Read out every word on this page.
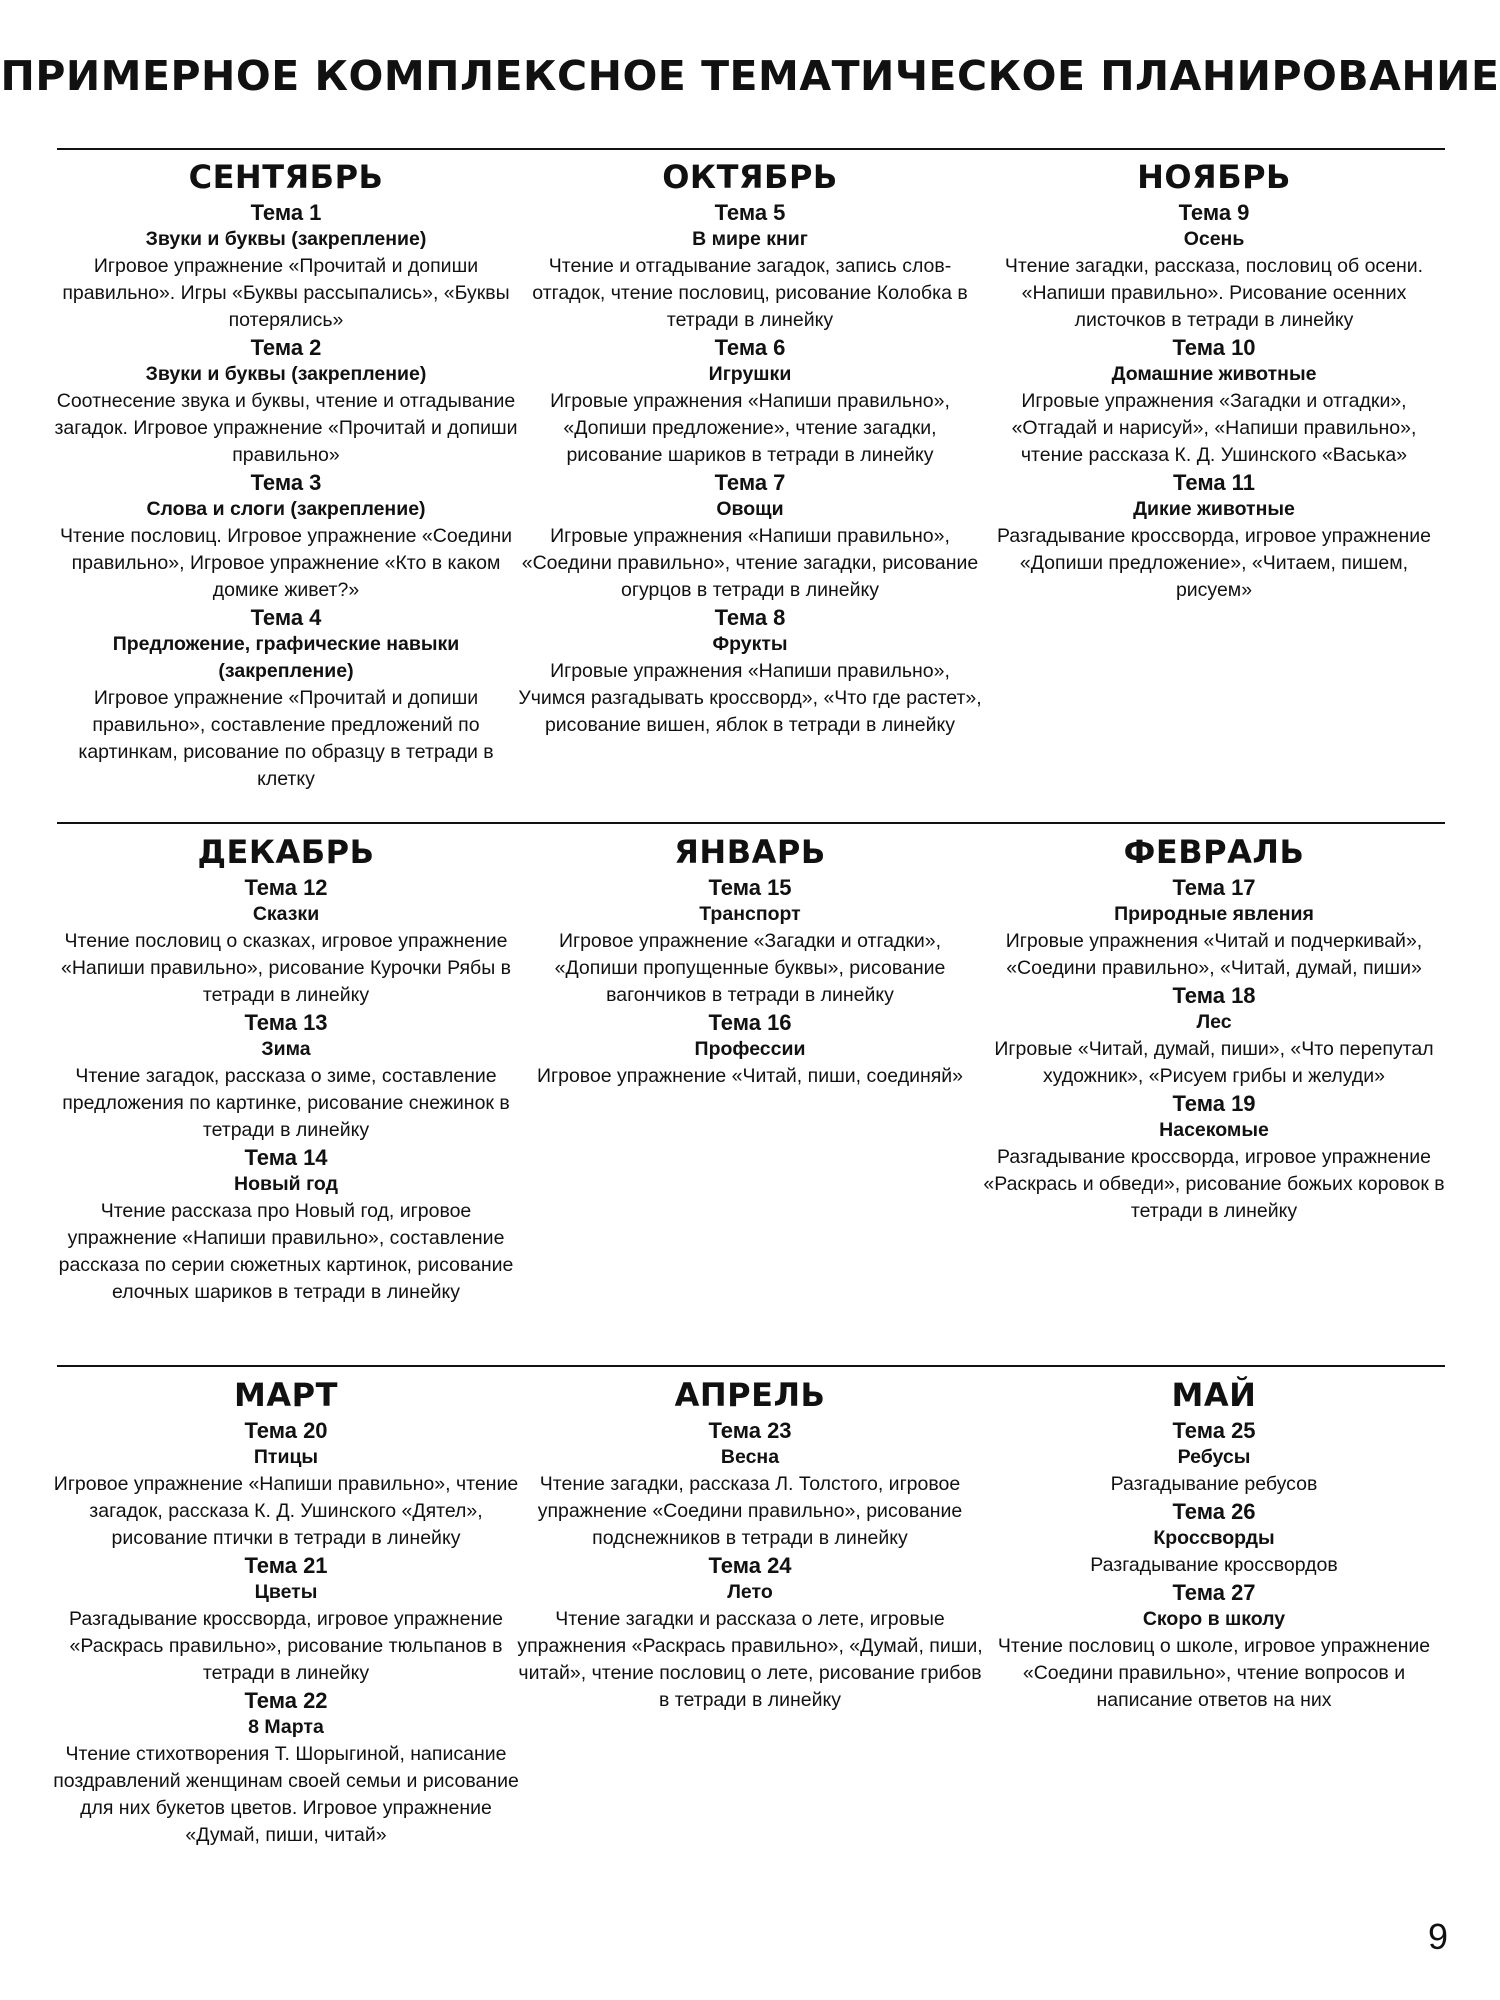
ПРИМЕРНОЕ КОМПЛЕКСНОЕ ТЕМАТИЧЕСКОЕ ПЛАНИРОВАНИЕ
СЕНТЯБРЬ
Тема 1
Звуки и буквы (закрепление)
Игровое упражнение «Прочитай и допиши правильно». Игры «Буквы рассыпались», «Буквы потерялись»
Тема 2
Звуки и буквы (закрепление)
Соотнесение звука и буквы, чтение и отгадывание загадок. Игровое упражнение «Прочитай и допиши правильно»
Тема 3
Слова и слоги (закрепление)
Чтение пословиц. Игровое упражнение «Соедини правильно», Игровое упражнение «Кто в каком домике живет?»
Тема 4
Предложение, графические навыки (закрепление)
Игровое упражнение «Прочитай и допиши правильно», составление предложений по картинкам, рисование по образцу в тетради в клетку
ОКТЯБРЬ
Тема 5
В мире книг
Чтение и отгадывание загадок, запись слов-отгадок, чтение пословиц, рисование Колобка в тетради в линейку
Тема 6
Игрушки
Игровые упражнения «Напиши правильно», «Допиши предложение», чтение загадки, рисование шариков в тетради в линейку
Тема 7
Овощи
Игровые упражнения «Напиши правильно», «Соедини правильно», чтение загадки, рисование огурцов в тетради в линейку
Тема 8
Фрукты
Игровые упражнения «Напиши правильно», Учимся разгадывать кроссворд», «Что где растет», рисование вишен, яблок в тетради в линейку
НОЯБРЬ
Тема 9
Осень
Чтение загадки, рассказа, пословиц об осени. «Напиши правильно». Рисование осенних листочков в тетради в линейку
Тема 10
Домашние животные
Игровые упражнения «Загадки и отгадки», «Отгадай и нарисуй», «Напиши правильно», чтение рассказа К. Д. Ушинского «Васька»
Тема 11
Дикие животные
Разгадывание кроссворда, игровое упражнение «Допиши предложение», «Читаем, пишем, рисуем»
ДЕКАБРЬ
Тема 12
Сказки
Чтение пословиц о сказках, игровое упражнение «Напиши правильно», рисование Курочки Рябы в тетради в линейку
Тема 13
Зима
Чтение загадок, рассказа о зиме, составление предложения по картинке, рисование снежинок в тетради в линейку
Тема 14
Новый год
Чтение рассказа про Новый год, игровое упражнение «Напиши правильно», составление рассказа по серии сюжетных картинок, рисование елочных шариков в тетради в линейку
ЯНВАРЬ
Тема 15
Транспорт
Игровое упражнение «Загадки и отгадки», «Допиши пропущенные буквы», рисование вагончиков в тетради в линейку
Тема 16
Профессии
Игровое упражнение «Читай, пиши, соединяй»
ФЕВРАЛЬ
Тема 17
Природные явления
Игровые упражнения «Читай и подчеркивай», «Соедини правильно», «Читай, думай, пиши»
Тема 18
Лес
Игровые «Читай, думай, пиши», «Что перепутал художник», «Рисуем грибы и желуди»
Тема 19
Насекомые
Разгадывание кроссворда, игровое упражнение «Раскрась и обведи», рисование божьих коровок в тетради в линейку
МАРТ
Тема 20
Птицы
Игровое упражнение «Напиши правильно», чтение загадок, рассказа К. Д. Ушинского «Дятел», рисование птички в тетради в линейку
Тема 21
Цветы
Разгадывание кроссворда, игровое упражнение «Раскрась правильно», рисование тюльпанов в тетради в линейку
Тема 22
8 Марта
Чтение стихотворения Т. Шорыгиной, написание поздравлений женщинам своей семьи и рисование для них букетов цветов. Игровое упражнение «Думай, пиши, читай»
АПРЕЛЬ
Тема 23
Весна
Чтение загадки, рассказа Л. Толстого, игровое упражнение «Соедини правильно», рисование подснежников в тетради в линейку
Тема 24
Лето
Чтение загадки и рассказа о лете, игровые упражнения «Раскрась правильно», «Думай, пиши, читай», чтение пословиц о лете, рисование грибов в тетради в линейку
МАЙ
Тема 25
Ребусы
Разгадывание ребусов
Тема 26
Кроссворды
Разгадывание кроссвордов
Тема 27
Скоро в школу
Чтение пословиц о школе, игровое упражнение «Соедини правильно», чтение вопросов и написание ответов на них
9
